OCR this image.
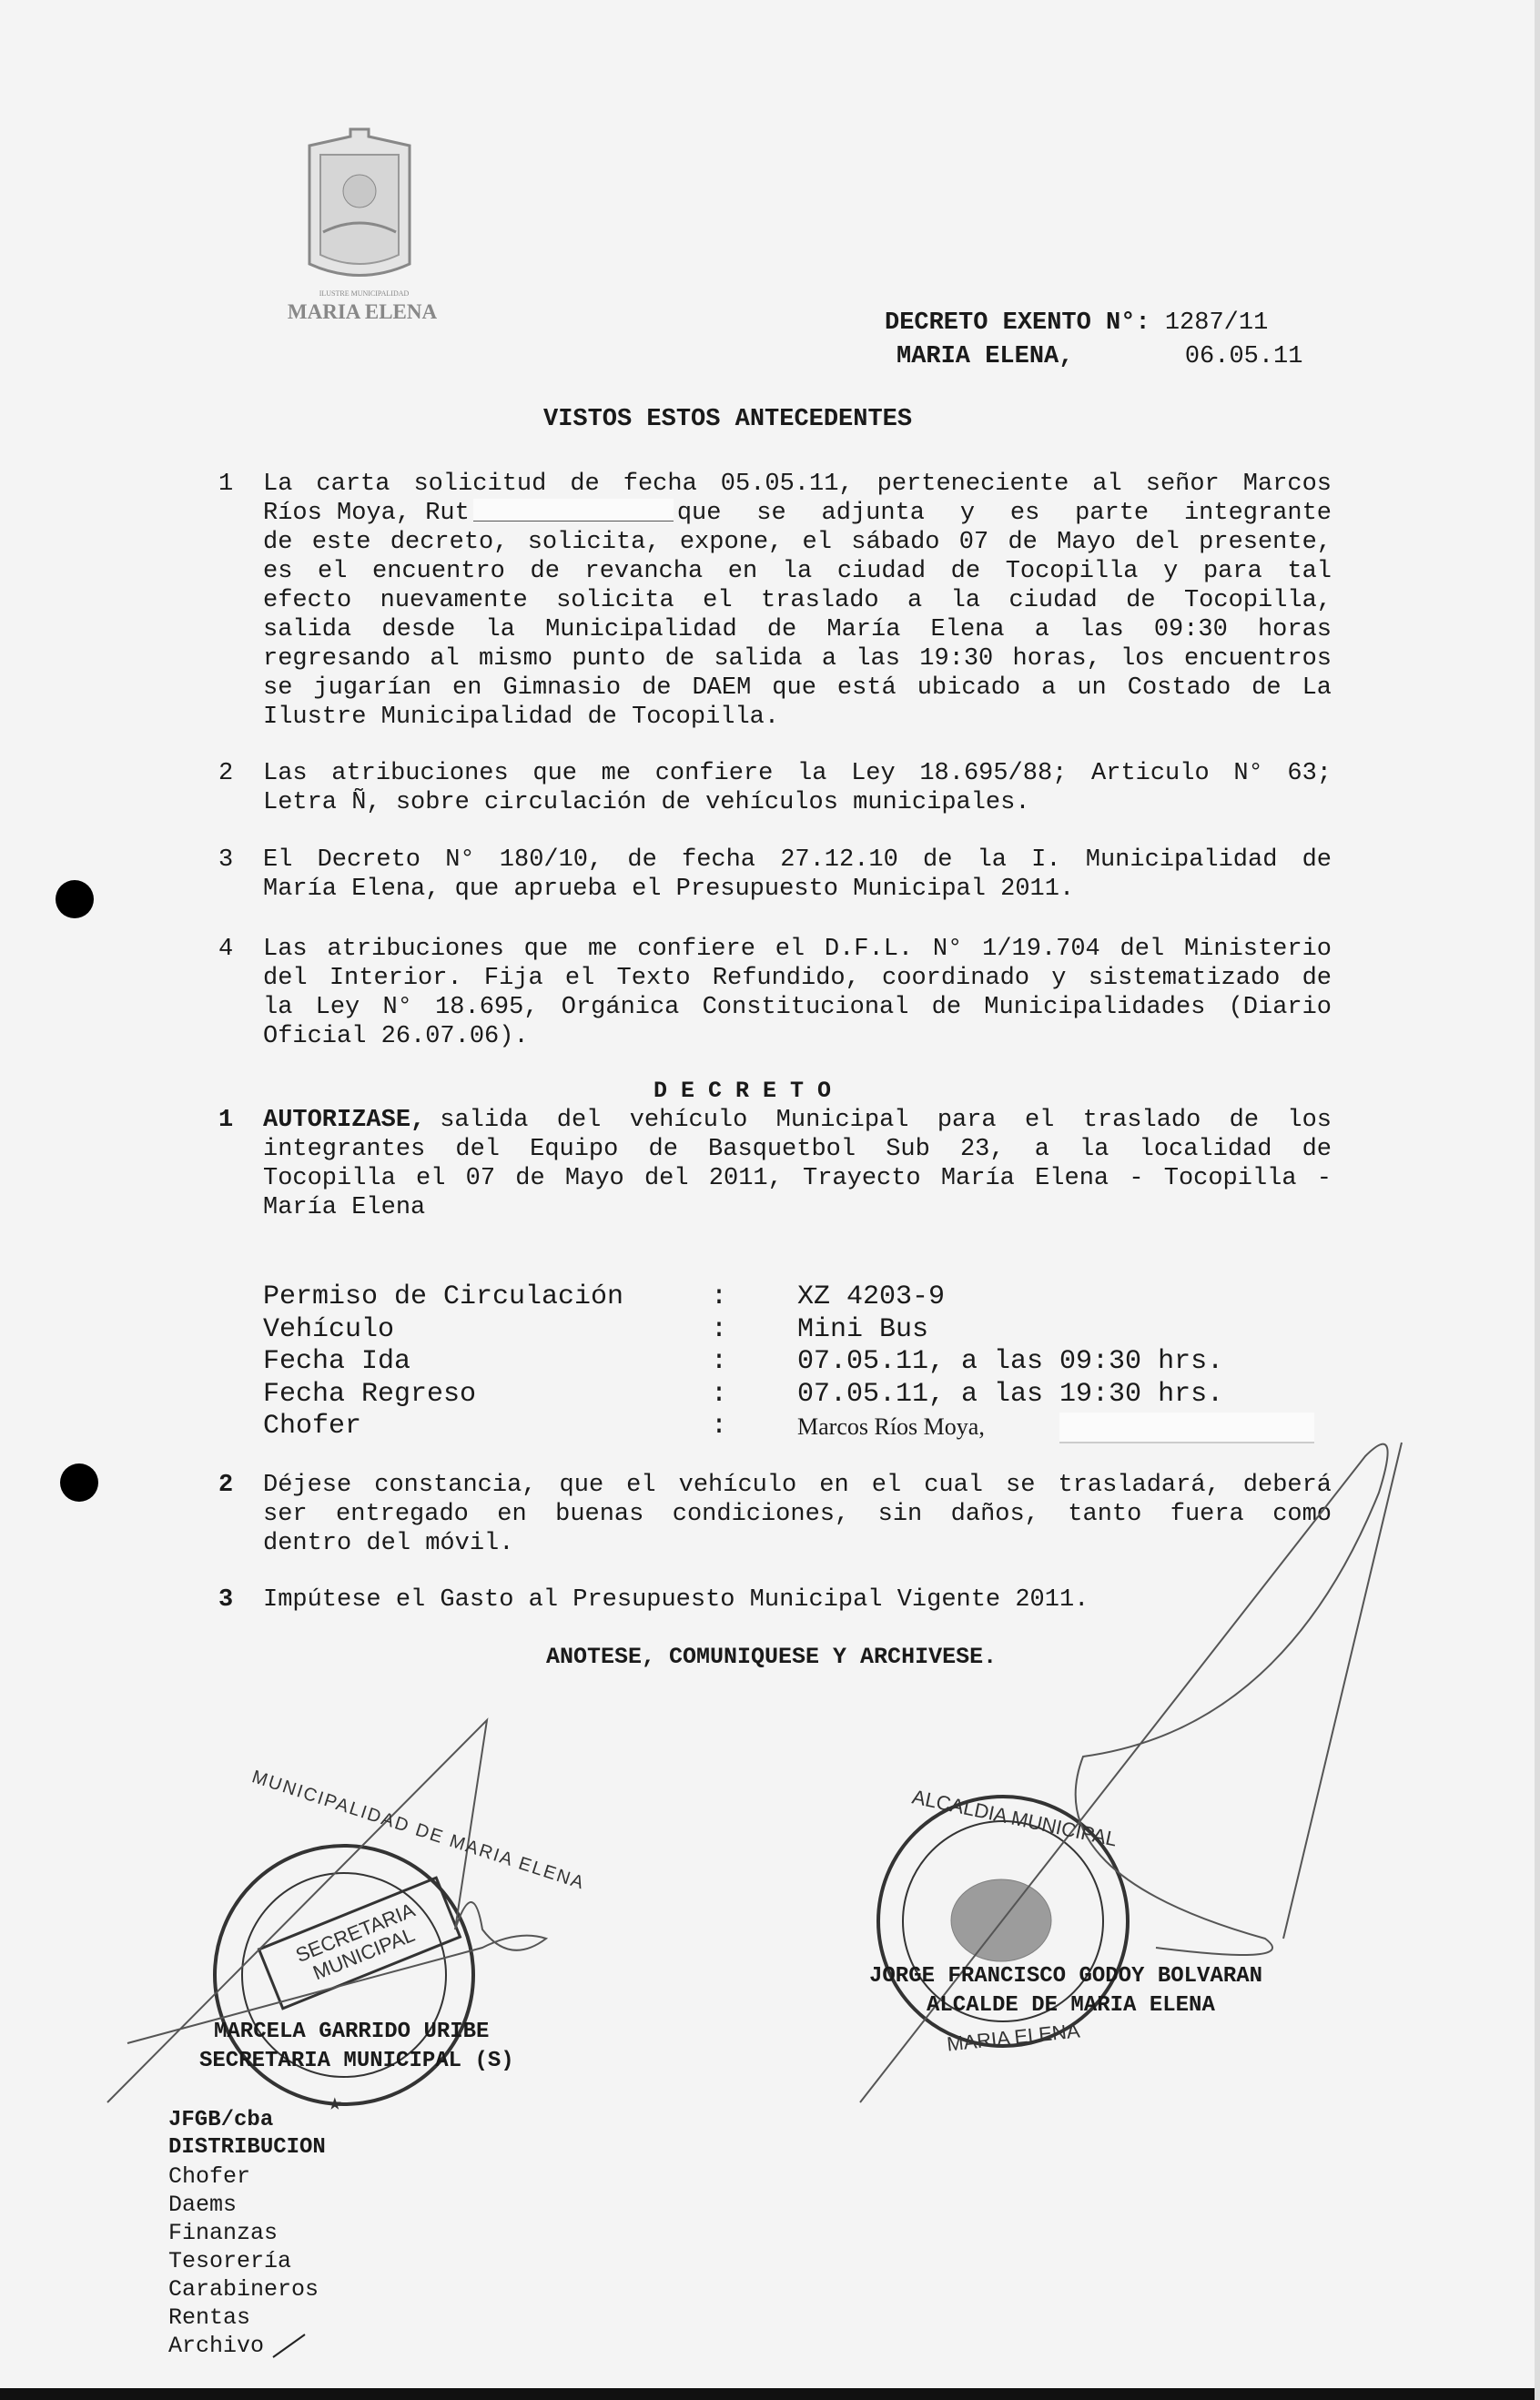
ILUSTRE MUNICIPALIDAD
MARIA ELENA	DECRETO EXENTO N°: 1287/11
MARIA ELENA,	06.05.11
VISTOS ESTOS ANTECEDENTES
1 La carta solicitud de fecha 05.05.11, perteneciente al señor Marcos
Ríos Moya, Rut	que se adjunta y es parte integrante
de este decreto, solicita, expone, el sábado 07 de Mayo del presente,
es el encuentro de revancha en la ciudad de Tocopilla y para tal
efecto nuevamente solicita el traslado a la ciudad de Tocopilla,
salida desde la Municipalidad de María Elena a las 09:30 horas
regresando al mismo punto de salida a las 19:30 horas, los encuentros
se jugarían en Gimnasio de DAEM que está ubicado a un Costado de La
Ilustre Municipalidad de Tocopilla.
2 Las atribuciones que me confiere la Ley 18.695/88; Articulo N° 63;
Letra Ñ, sobre circulación de vehículos municipales.
3 El Decreto N° 180/10, de fecha 27.12.10 de la I. Municipalidad de
María Elena, que aprueba el Presupuesto Municipal 2011.
4 Las atribuciones que me confiere el D.F.L. N° 1/19.704 del Ministerio
del Interior. Fija el Texto Refundido, coordinado y sistematizado de
la Ley N° 18.695, Orgánica Constitucional de Municipalidades (Diario
Oficial 26.07.06).
D E C R E T O
1 AUTORIZASE, salida del vehículo Municipal para el traslado de los
integrantes del Equipo de Basquetbol Sub 23, a la localidad de
Tocopilla el 07 de Mayo del 2011, Trayecto María Elena - Tocopilla -
María Elena
Permiso de Circulación	:	XZ 4203-9
Vehículo	:	Mini Bus
Fecha Ida	:	07.05.11, a las 09:30 hrs.
Fecha Regreso	:	07.05.11, a las 19:30 hrs.
Chofer	:	Marcos Ríos Moya,
2 Déjese constancia, que el vehículo en el cual se trasladará, deberá
ser entregado en buenas condiciones, sin daños, tanto fuera como
dentro del móvil.
3 Impútese el Gasto al Presupuesto Municipal Vigente 2011.
ANOTESE, COMUNIQUESE Y ARCHIVESE.
★
SECRETARIA MUNICIPAL
MUNICIPALIDAD DE MARIA ELENA	ALCALDIA MUNICIPAL
MARIA ELENA
MARCELA GARRIDO URIBE
SECRETARIA MUNICIPAL (S)
JORGE FRANCISCO GODOY BOLVARAN
ALCALDE DE MARIA ELENA
JFGB/cba
DISTRIBUCION
Chofer
Daems
Finanzas
Tesorería
Carabineros
Rentas
Archivo
